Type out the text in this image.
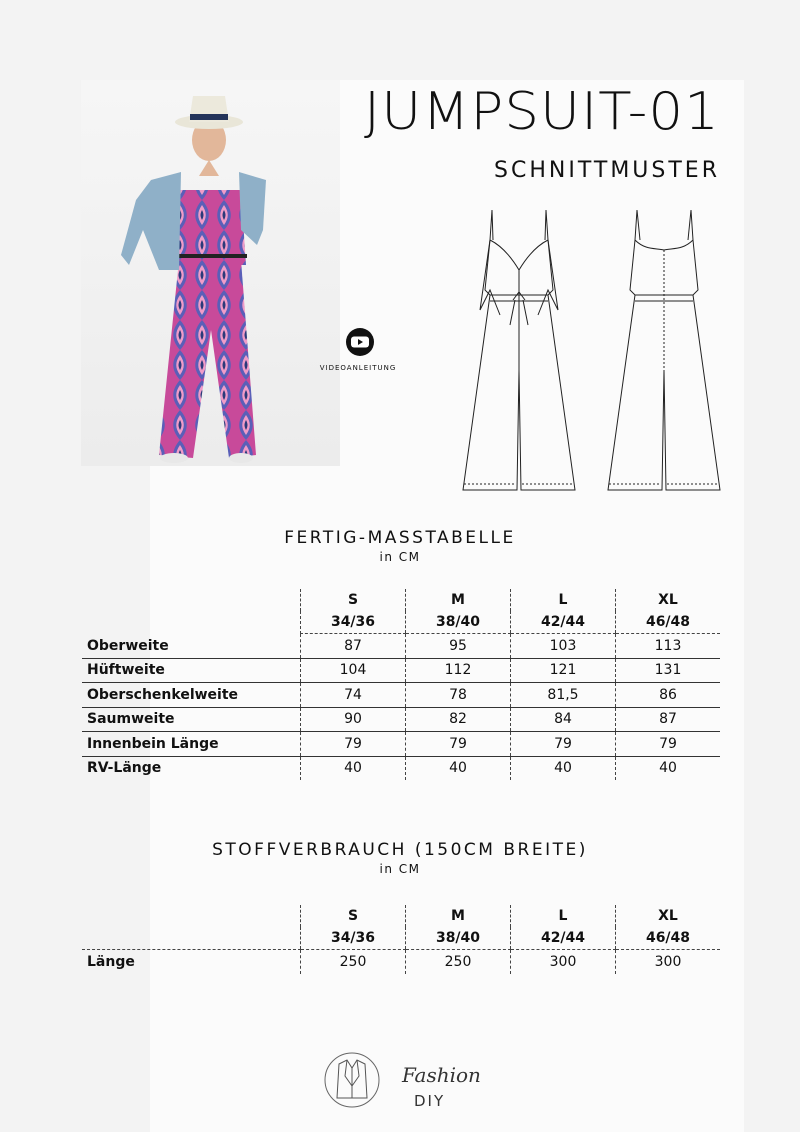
JUMPSUIT-01
SCHNITTMUSTER
VIDEOANLEITUNG
FERTIG-MASSTABELLE
in CM
	S	M	L	XL
	34/36	38/40	42/44	46/48
Oberweite	87	95	103	113
Hüftweite	104	112	121	131
Oberschenkelweite	74	78	81,5	86
Saumweite	90	82	84	87
Innenbein Länge	79	79	79	79
RV-Länge	40	40	40	40
STOFFVERBRAUCH (150CM BREITE)
in CM
	S	M	L	XL
	34/36	38/40	42/44	46/48
Länge	250	250	300	300
Fashion
DIY
